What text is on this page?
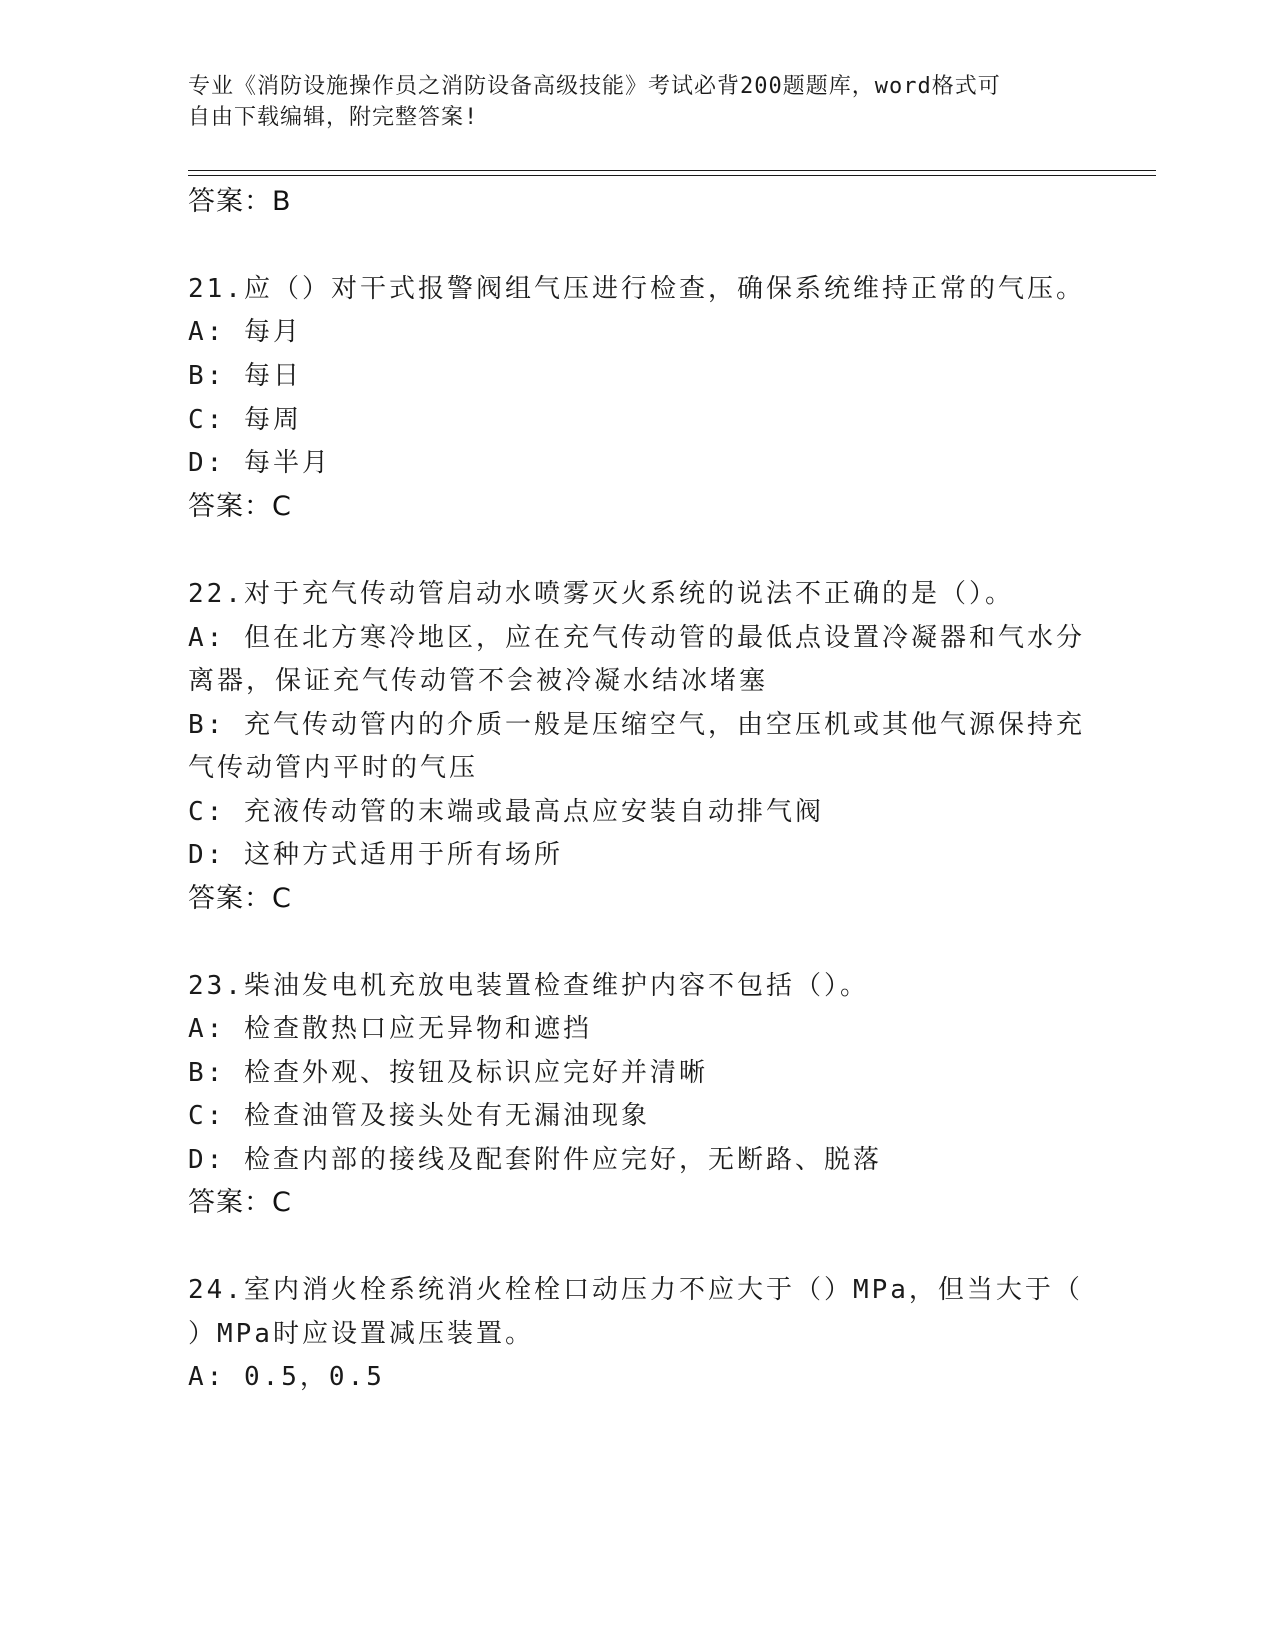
专业《消防设施操作员之消防设备高级技能》考试必背200题题库，word格式可
自由下载编辑，附完整答案!
答案：B
21.应（）对干式报警阀组气压进行检查，确保系统维持正常的气压。
A: 每月
B: 每日
C: 每周
D: 每半月
答案：C
22.对于充气传动管启动水喷雾灭火系统的说法不正确的是（）。
A: 但在北方寒冷地区，应在充气传动管的最低点设置冷凝器和气水分
离器，保证充气传动管不会被冷凝水结冰堵塞
B: 充气传动管内的介质一般是压缩空气，由空压机或其他气源保持充
气传动管内平时的气压
C: 充液传动管的末端或最高点应安装自动排气阀
D: 这种方式适用于所有场所
答案：C
23.柴油发电机充放电装置检查维护内容不包括（）。
A: 检查散热口应无异物和遮挡
B: 检查外观、按钮及标识应完好并清晰
C: 检查油管及接头处有无漏油现象
D: 检查内部的接线及配套附件应完好，无断路、脱落
答案：C
24.室内消火栓系统消火栓栓口动压力不应大于（）MPa，但当大于（
）MPa时应设置减压装置。
A: 0.5，0.5
